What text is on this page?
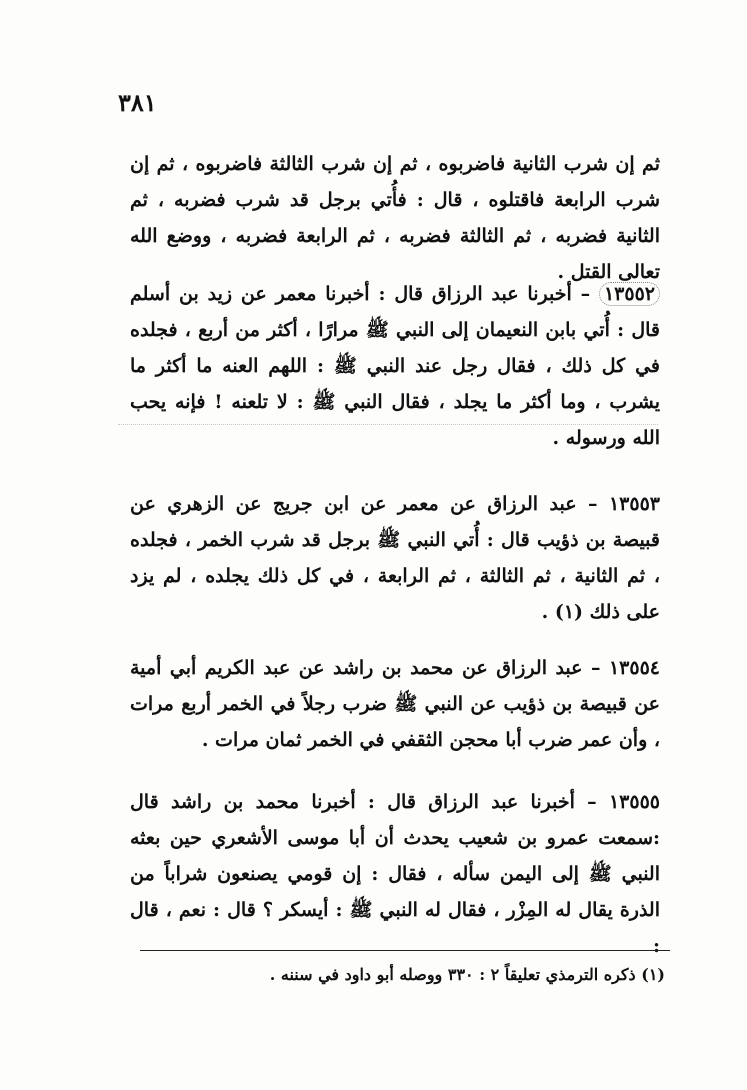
٣٨١
ثم إن شرب الثانية فاضربوه ، ثم إن شرب الثالثة فاضربوه ، ثم إن شرب الرابعة فاقتلوه ، قال : فأُتي برجل قد شرب فضربه ، ثم الثانية فضربه ، ثم الثالثة فضربه ، ثم الرابعة فضربه ، ووضع الله تعالى القتل .
١٣٥٥٢ – أخبرنا عبد الرزاق قال : أخبرنا معمر عن زيد بن أسلم قال : أُتي بابن النعيمان إلى النبي ﷺ مرارًا ، أكثر من أربع ، فجلده في كل ذلك ، فقال رجل عند النبي ﷺ : اللهم العنه ما أكثر ما يشرب ، وما أكثر ما يجلد ، فقال النبي ﷺ : لا تلعنه ! فإنه يحب الله ورسوله .
١٣٥٥٣ – عبد الرزاق عن معمر عن ابن جريج عن الزهري عن قبيصة بن ذؤيب قال : أُتي النبي ﷺ برجل قد شرب الخمر ، فجلده ، ثم الثانية ، ثم الثالثة ، ثم الرابعة ، في كل ذلك يجلده ، لم يزد على ذلك (١) .
١٣٥٥٤ – عبد الرزاق عن محمد بن راشد عن عبد الكريم أبي أمية عن قبيصة بن ذؤيب عن النبي ﷺ ضرب رجلاً في الخمر أربع مرات ، وأن عمر ضرب أبا محجن الثقفي في الخمر ثمان مرات .
١٣٥٥٥ – أخبرنا عبد الرزاق قال : أخبرنا محمد بن راشد قال :سمعت عمرو بن شعيب يحدث أن أبا موسى الأشعري حين بعثه النبي ﷺ إلى اليمن سأله ، فقال : إن قومي يصنعون شراباً من الذرة يقال له المِزْر ، فقال له النبي ﷺ : أيسكر ؟ قال : نعم ، قال :
(١) ذكره الترمذي تعليقاً ٢ : ٣٣٠ ووصله أبو داود في سننه .
